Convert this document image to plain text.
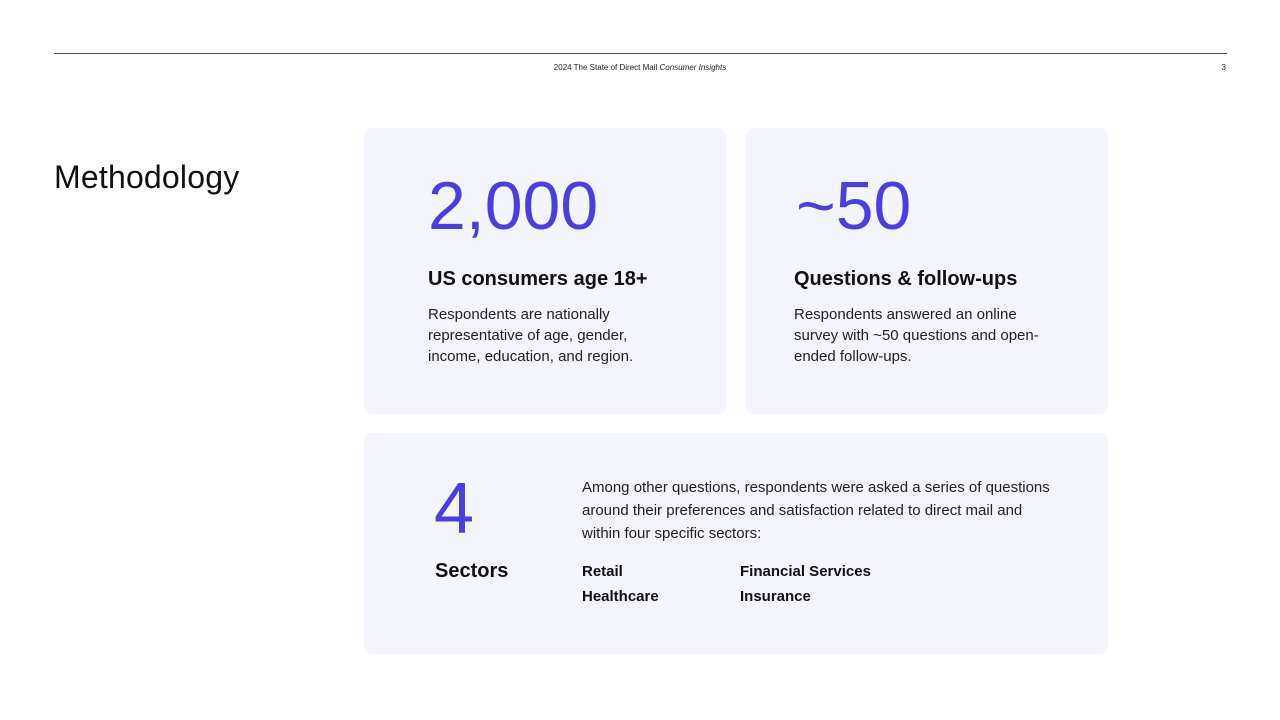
2024 The State of Direct Mail Consumer Insights	3
Methodology	2,000
US consumers age 18+

Respondents are nationally representative of age, gender, income, education, and region.

~50
Questions & follow-ups

Respondents answered an online survey with ~50 questions and open-ended follow-ups.

4
Sectors

Among other questions, respondents were asked a series of questions around their preferences and satisfaction related to direct mail and within four specific sectors:

Retail	Financial Services
Healthcare	Insurance
